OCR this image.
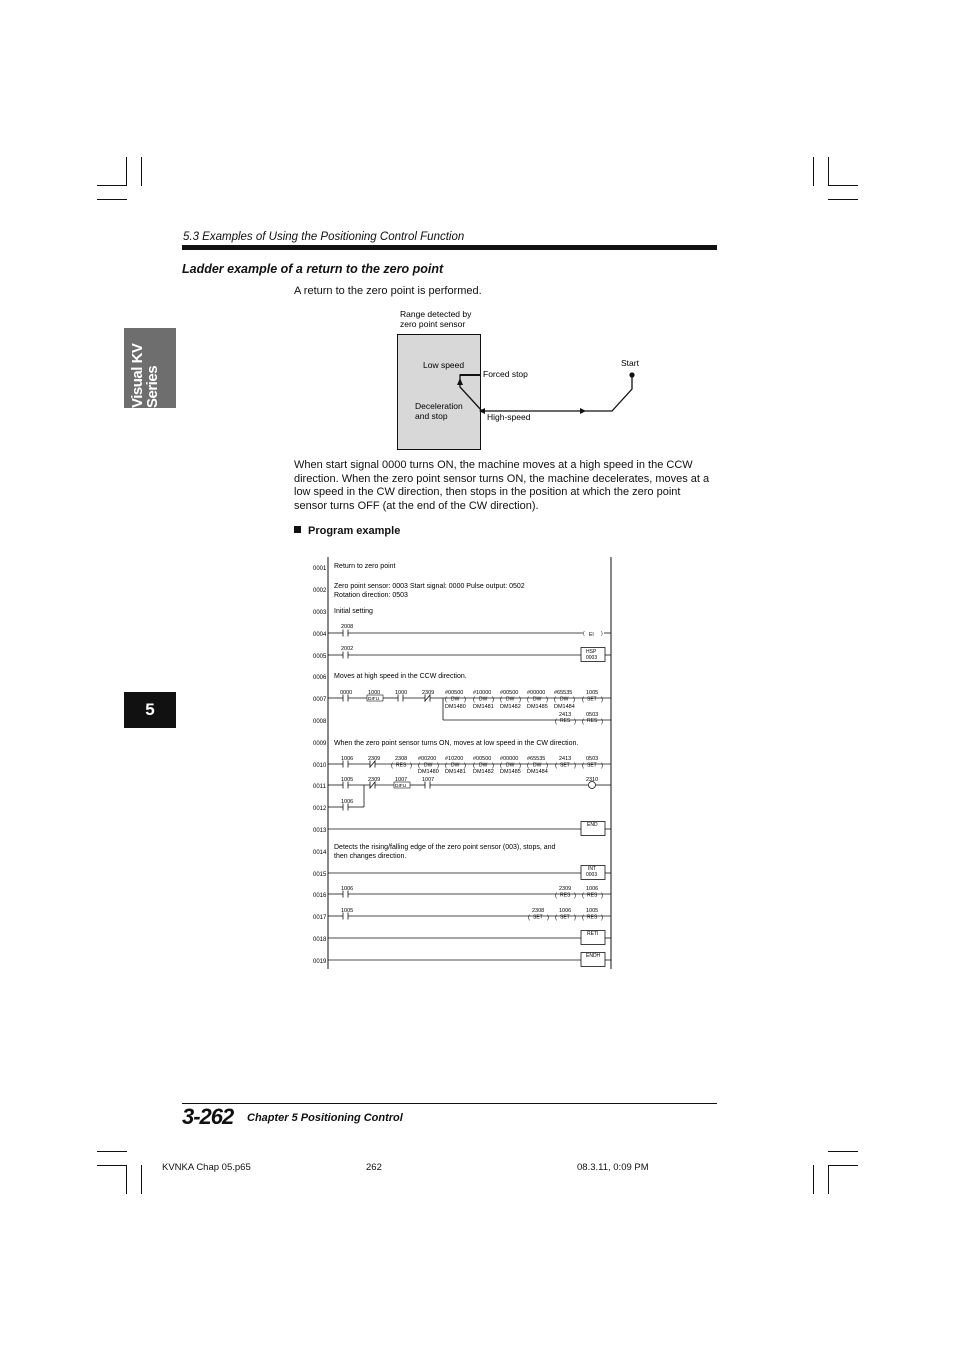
5.3 Examples of Using the Positioning Control Function
Visual KV Series
5
Ladder example of a return to the zero point
A return to the zero point is performed.
Range detected by
zero point sensor
Low speed
Forced stop
Deceleration
and stop	High-speed
Start
When start signal 0000 turns ON, the machine moves at a high speed in the CCW direction. When the zero point sensor turns ON, the machine decelerates, moves at a low speed in the CW direction, then stops in the position at which the zero point sensor turns OFF (at the end of the CW direction).
Program example
0001
0002
0003
0004
0005
0006
0007
0008
0009
0010
0011
0012
0013
0014
0015
0016
0017
0018
0019
Return to zero point
Zero point sensor: 0003 Start signal: 0000 Pulse output: 0502
Rotation direction: 0503
Initial setting
Moves at high speed in the CCW direction.
When the zero point sensor turns ON, moves at low speed in the CW direction.
Detects the rising/falling edge of the zero point sensor (003), stops, and
then changes direction.
2008
( EI )
2002	HSP
0003
DIFU
0000	1000	1000	2309 #00500 #10000 #00500 #00000 #65535 1005
DW	DW	DW	DW	DW	SET
DM1480 DM1481 DM1482 DM1485 DM1484
2413	0503
RES	RES
1006	2309	2308
RES
#00200 #10200 #00500 #00000 #65535
DW	DW	DW	DW	DW
DM1480 DM1481 DM1482 DM1485 DM1484
2413	0503
SET	SET
DIFU
1005	2309	1007	1007	2310
1006
END
INT
0003
1006	2309	1006
RES	RES
1005	2308	1006	1005
SET	SET	RES
RETI
ENDH
(	) (	) (	) (	) (	) (	)
(	) (	)
(	) (	) (	) (	) (	) (	) (	) (	)
(	) (	)
(	) (	) (	)
3-262 Chapter 5 Positioning Control
KVNKA Chap 05.p65	262	08.3.11, 0:09 PM
